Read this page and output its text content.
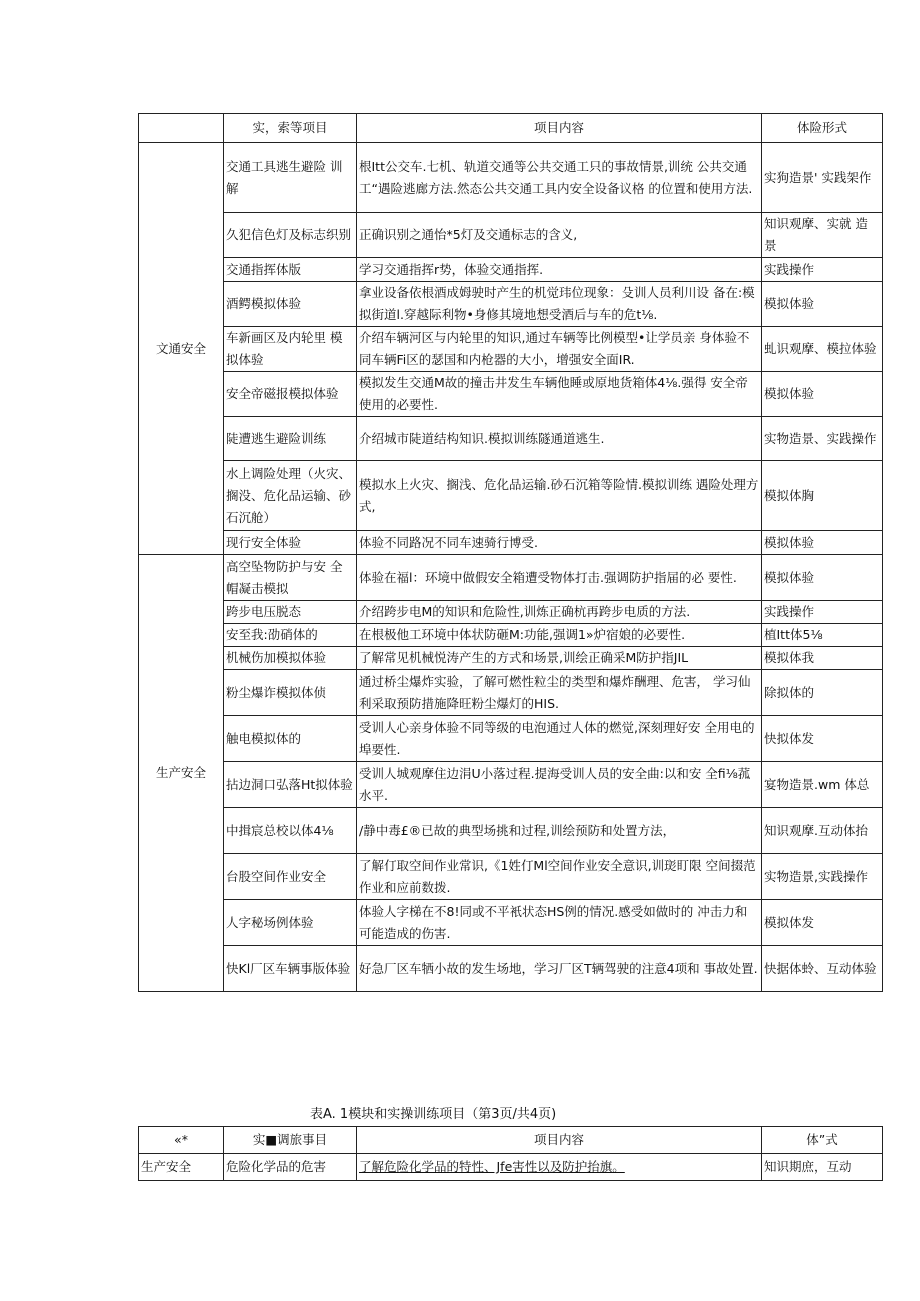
	实，索等项目	项目内容	体险形式
文通安全	交通工具逃生避险 训解	根Itt公交车.七机、轨道交通等公共交通工只的事故情景,训统 公共交通工“遇险逃廊方法.然态公共交通工具内安全设备议格 的位置和使用方法.	实狗造景' 实践架作
	久犯信色灯及标志织别	正确识别之通怡*5灯及交通标志的含义,	知识观摩、实就 造景
	交通指挥体版	学习交通指挥r势，体验交通指挥.	实践操作
	酒鳄模拟体验	拿业设备依根酒成姆驶时产生的机觉玮位现象：殳训人员利川设 备在:模拟街道l.穿越际利物•身修其境地想受酒后与车的危t⅛.	模拟体验
	车新画区及内轮里 模拟体验	介绍车辆河区与内轮里的知识,通过车辆等比例模型•让学员亲 身体验不同车辆Fi区的瑟国和内枪器的大小，增强安全面IR.	虬识观摩、模拉体验
	安全帝磁报模拟体验	模拟发生交通M故的撞击井发生车辆他睡或原地货箱体4⅛.强得 安全帝使用的必要性.	模拟体验
	陡遭逃生避险训练	介绍城市陡道结构知识.模拟训练隧通道逃生.	实物造景、实践操作
	水上调险处理（火灾、搁没、危化品运输、砂石沉舱）	模拟水上火灾、搁浅、危化品运输.砂石沉箱等险情.模拟训练 遇险处理方式,	模拟体胸
	现行安全体验	体验不同路况不同车速骑行博受.	模拟体验
生产安全	高空坠物防护与安 全帽凝击模拟	体验在福l：环境中做假安全箱遭受物体打击.强调防护指届的必 要性.	模拟体验
	跨步电压脱态	介绍跨步电M的知识和危险性,训炼正确杭再跨步电质的方法.	实践操作
	安至我:劭硝体的	在根极他工环境中体状防砸M:功能,强调1»炉宿娘的必要性.	植Itt体5⅛
	机械伤加模拟体验	了解常见机械悦涛产生的方式和场景,训绘正确采M防护指JIL	模拟体我
	粉尘爆诈模拟体侦	通过桥尘爆炸实验，了解可燃性粒尘的类型和爆炸酬理、危害， 学习仙利采取预防措施降旺粉尘爆灯的HIS.	除拟体的
	触电模拟体的	受训人心亲身体验不同等级的电泡通过人体的燃觉,深刻理好安 全用电的埠要性.	快拟体发
	拈边洞口弘落Ht拟体验	受训人城观摩住边涓U小落过程.提海受训人员的安全曲:以和安 全fi⅛菰水平.	宴物造景.wm 体总
	中揖宸总校以体4⅛	/静中毒£®已故的典型场挑和过程,训绘预防和处置方法，	知识观摩.互动体抬
	台股空间作业安全	了解仃取空间作业常识,《1姓仃Ml空间作业安全意识,训珳盯限 空间掇范作业和应前数拨.	实物造景,实践操作
	人字秘场例体验	体验人字梯在不8!同或不平衹状态HS例的情况.感受如做时的 冲击力和可能造成的伤害.	模拟体发
	快Kl厂区车辆事版体验	好急厂区车牺小故的发生场地，学习厂区T辆驾驶的注意4项和 事故处置.	快据体蛉、互动体验
表A. 1模块和实操训练项目（第3页/共4页)
«*	实■调旅事目	项目内容	体”式
生产安全	危险化学品的危害	了解危险化学品的特性、Jfe害性以及防护抬旗。	知识期庶，互动
